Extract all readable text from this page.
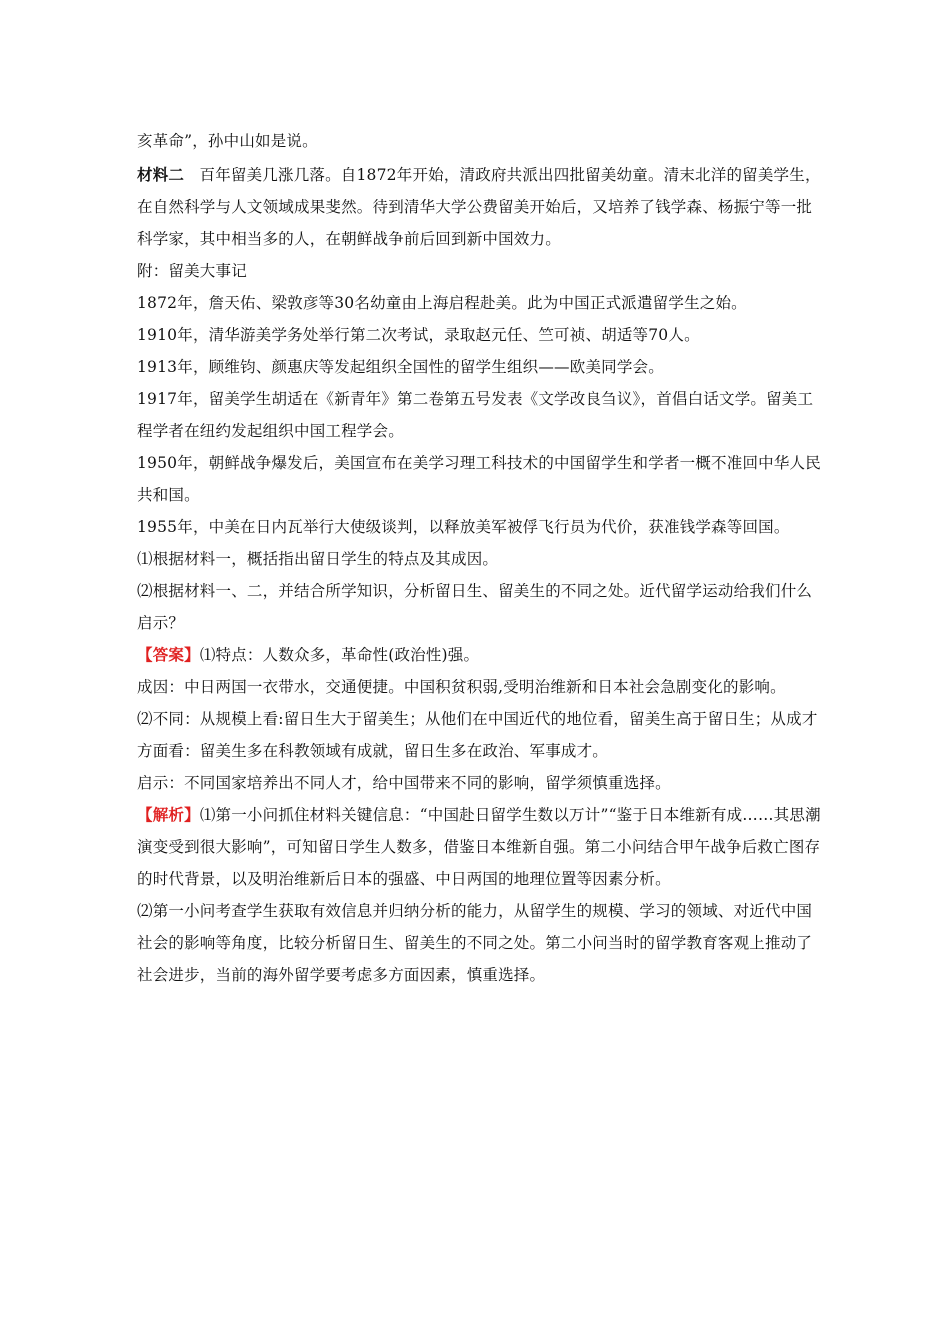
亥革命”，孙中山如是说。

材料二 百年留美几涨几落。自1872年开始，清政府共派出四批留美幼童。清末北洋的留美学生，在自然科学与人文领域成果斐然。待到清华大学公费留美开始后，又培养了钱学森、杨振宁等一批科学家，其中相当多的人，在朝鲜战争前后回到新中国效力。

附：留美大事记

1872年，詹天佑、梁敦彦等30名幼童由上海启程赴美。此为中国正式派遣留学生之始。

1910年，清华游美学务处举行第二次考试，录取赵元任、竺可祯、胡适等70人。

1913年，顾维钧、颜惠庆等发起组织全国性的留学生组织——欧美同学会。

1917年，留美学生胡适在《新青年》第二卷第五号发表《文学改良刍议》，首倡白话文学。留美工程学者在纽约发起组织中国工程学会。

1950年，朝鲜战争爆发后，美国宣布在美学习理工科技术的中国留学生和学者一概不准回中华人民共和国。

1955年，中美在日内瓦举行大使级谈判，以释放美军被俘飞行员为代价，获准钱学森等回国。

⑴根据材料一，概括指出留日学生的特点及其成因。

⑵根据材料一、二，并结合所学知识，分析留日生、留美生的不同之处。近代留学运动给我们什么启示？

【答案】⑴特点：人数众多，革命性(政治性)强。

成因：中日两国一衣带水，交通便捷。中国积贫积弱,受明治维新和日本社会急剧变化的影响。

⑵不同：从规模上看:留日生大于留美生；从他们在中国近代的地位看，留美生高于留日生；从成才方面看：留美生多在科教领域有成就，留日生多在政治、军事成才。

启示：不同国家培养出不同人才，给中国带来不同的影响，留学须慎重选择。

【解析】⑴第一小问抓住材料关键信息：“中国赴日留学生数以万计”“鉴于日本维新有成……其思潮演变受到很大影响”，可知留日学生人数多，借鉴日本维新自强。第二小问结合甲午战争后救亡图存的时代背景，以及明治维新后日本的强盛、中日两国的地理位置等因素分析。

⑵第一小问考查学生获取有效信息并归纳分析的能力，从留学生的规模、学习的领域、对近代中国社会的影响等角度，比较分析留日生、留美生的不同之处。第二小问当时的留学教育客观上推动了社会进步，当前的海外留学要考虑多方面因素，慎重选择。
